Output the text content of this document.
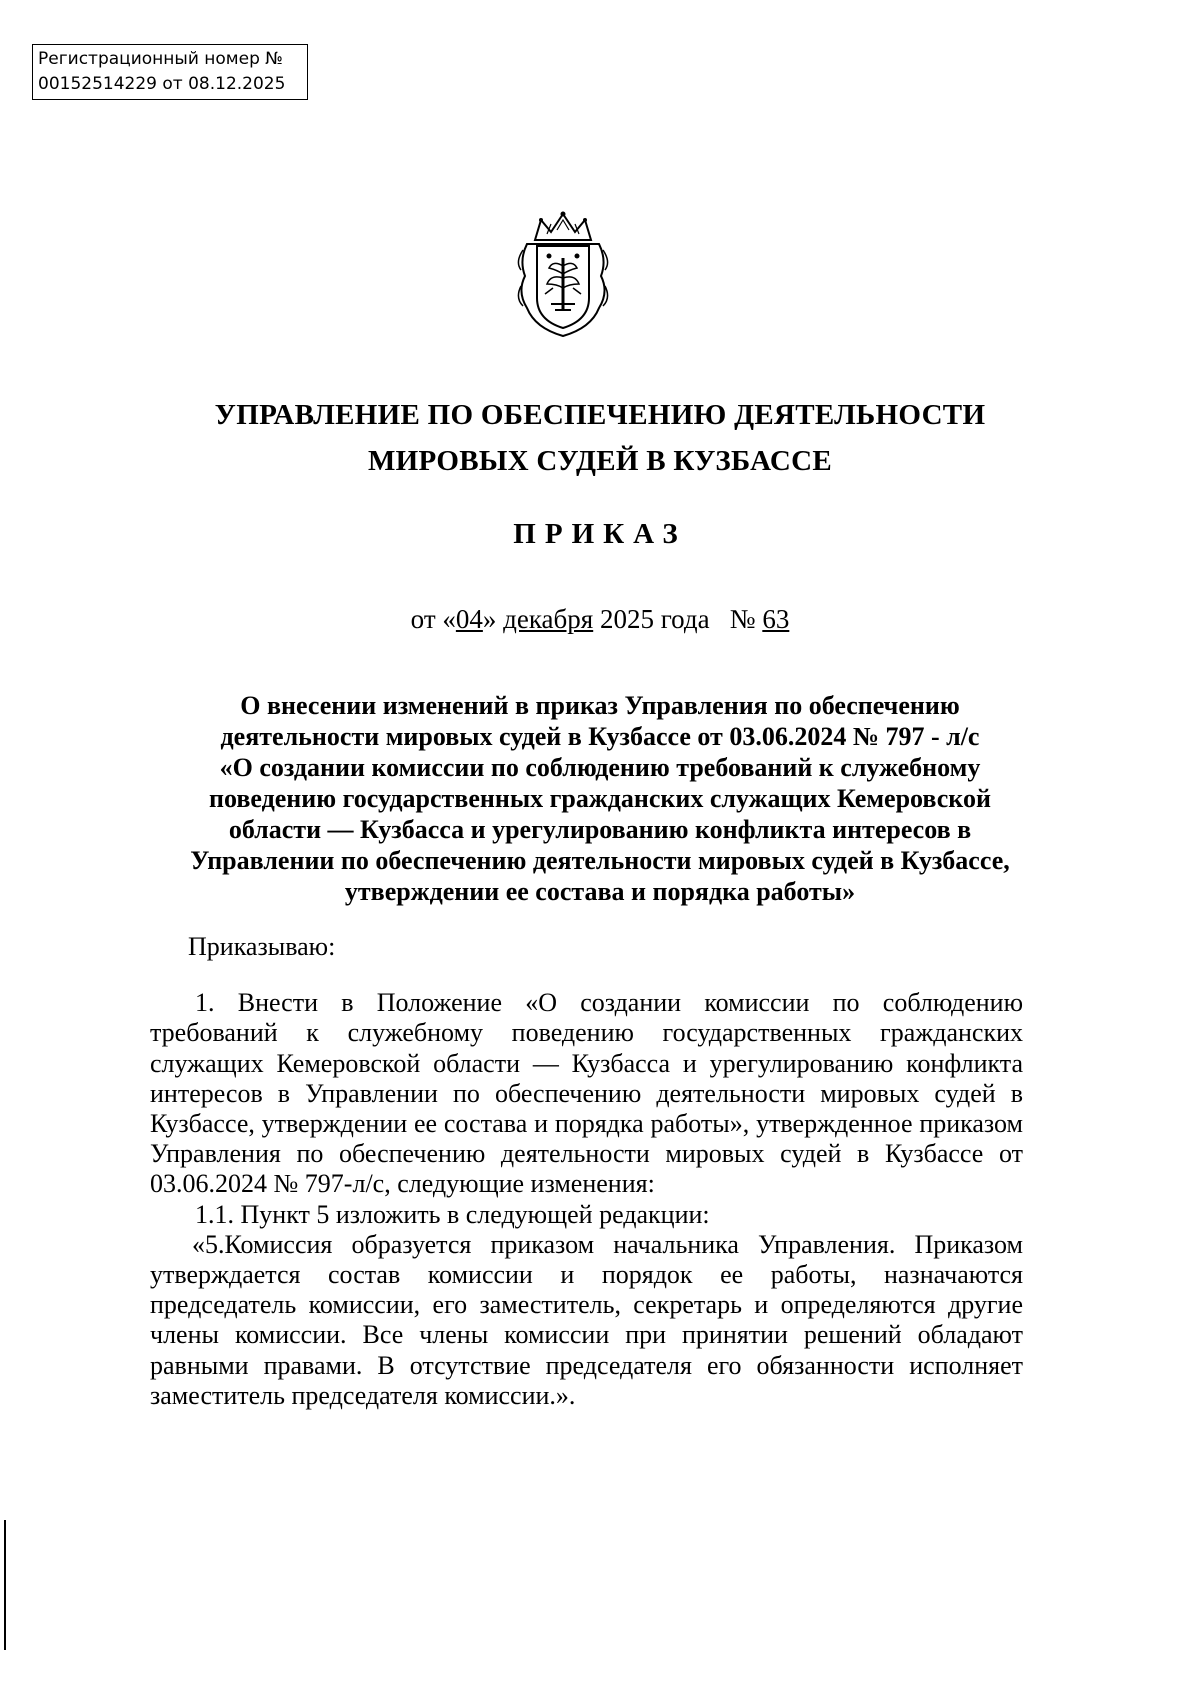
Регистрационный номер №
00152514229 от 08.12.2025
УПРАВЛЕНИЕ ПО ОБЕСПЕЧЕНИЮ ДЕЯТЕЛЬНОСТИ
МИРОВЫХ СУДЕЙ В КУЗБАССЕ
ПРИКАЗ
от «04» декабря 2025 года   № 63
О внесении изменений в приказ Управления по обеспечению
деятельности мировых судей в Кузбассе от 03.06.2024 № 797 - л/с
«О создании комиссии по соблюдению требований к служебному
поведению государственных гражданских служащих Кемеровской
области — Кузбасса и урегулированию конфликта интересов в
Управлении по обеспечению деятельности мировых судей в Кузбассе,
утверждении ее состава и порядка работы»

Приказываю:

1. Внести в Положение «О создании комиссии по соблюдению требований к служебному поведению государственных гражданских служащих Кемеровской области — Кузбасса и урегулированию конфликта интересов в Управлении по обеспечению деятельности мировых судей в Кузбассе, утверждении ее состава и порядка работы», утвержденное приказом Управления по обеспечению деятельности мировых судей в Кузбассе от 03.06.2024 № 797-л/с, следующие изменения:

1.1. Пункт 5 изложить в следующей редакции:

«5.Комиссия образуется приказом начальника Управления. Приказом утверждается состав комиссии и порядок ее работы, назначаются председатель комиссии, его заместитель, секретарь и определяются другие члены комиссии. Все члены комиссии при принятии решений обладают равными правами. В отсутствие председателя его обязанности исполняет заместитель председателя комиссии.».
